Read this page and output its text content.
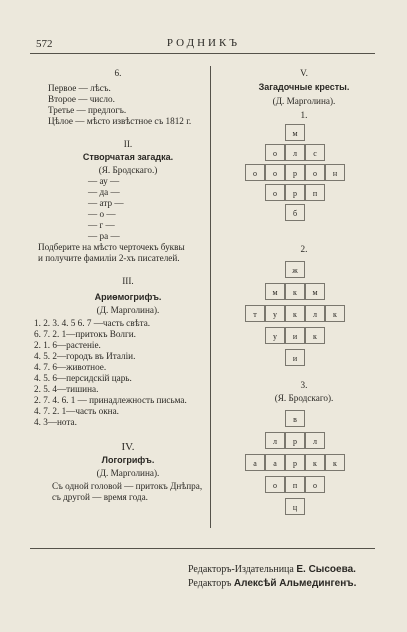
572	РОДНИКЪ
6.
Первое — лѣсъ.
Второе — число.
Третье — предлогъ.
Цѣлое — мѣсто извѣстное съ 1812 г.
II.
Створчатая загадка.
(Я. Бродскаго.)
— ау —
— да —
— атр —
— о —
— г —
— ра —
Подберите на мѣсто черточекъ буквы
и получите фамиліи 2-хъ писателей.
III.
Ариѳмогрифъ.
(Д. Марголина).
1. 2. 3. 4. 5 6. 7 —часть свѣта.
6. 7. 2. 1—притокъ Волги.
2. 1. 6—растеніе.
4. 5. 2—городъ въ Италіи.
4. 7. 6—животное.
4. 5. 6—персидскій царь.
2. 5. 4—тишина.
2. 7. 4. 6. 1 — принадлежность письма.
4. 7. 2. 1—часть окна.
4. 3—нота.
IV.
Логогрифъ.
(Д. Марголина).
Съ одной головой — притокъ Днѣпра,
съ другой — время года.
V.
Загадочные кресты.
(Д. Марголина).
1.
м
о	л	с
о	о	р	о	н
о	р	п
б
2.
ж
м	к	м
т	у	к	л	к
у	и	к
и
3.
(Я. Бродскаго).
в
л	р	л
а	а	р	к	к
о	п	о
ц
Редакторъ-Издательница Е. Сысоева.
Редакторъ Алексѣй Альмедингенъ.
